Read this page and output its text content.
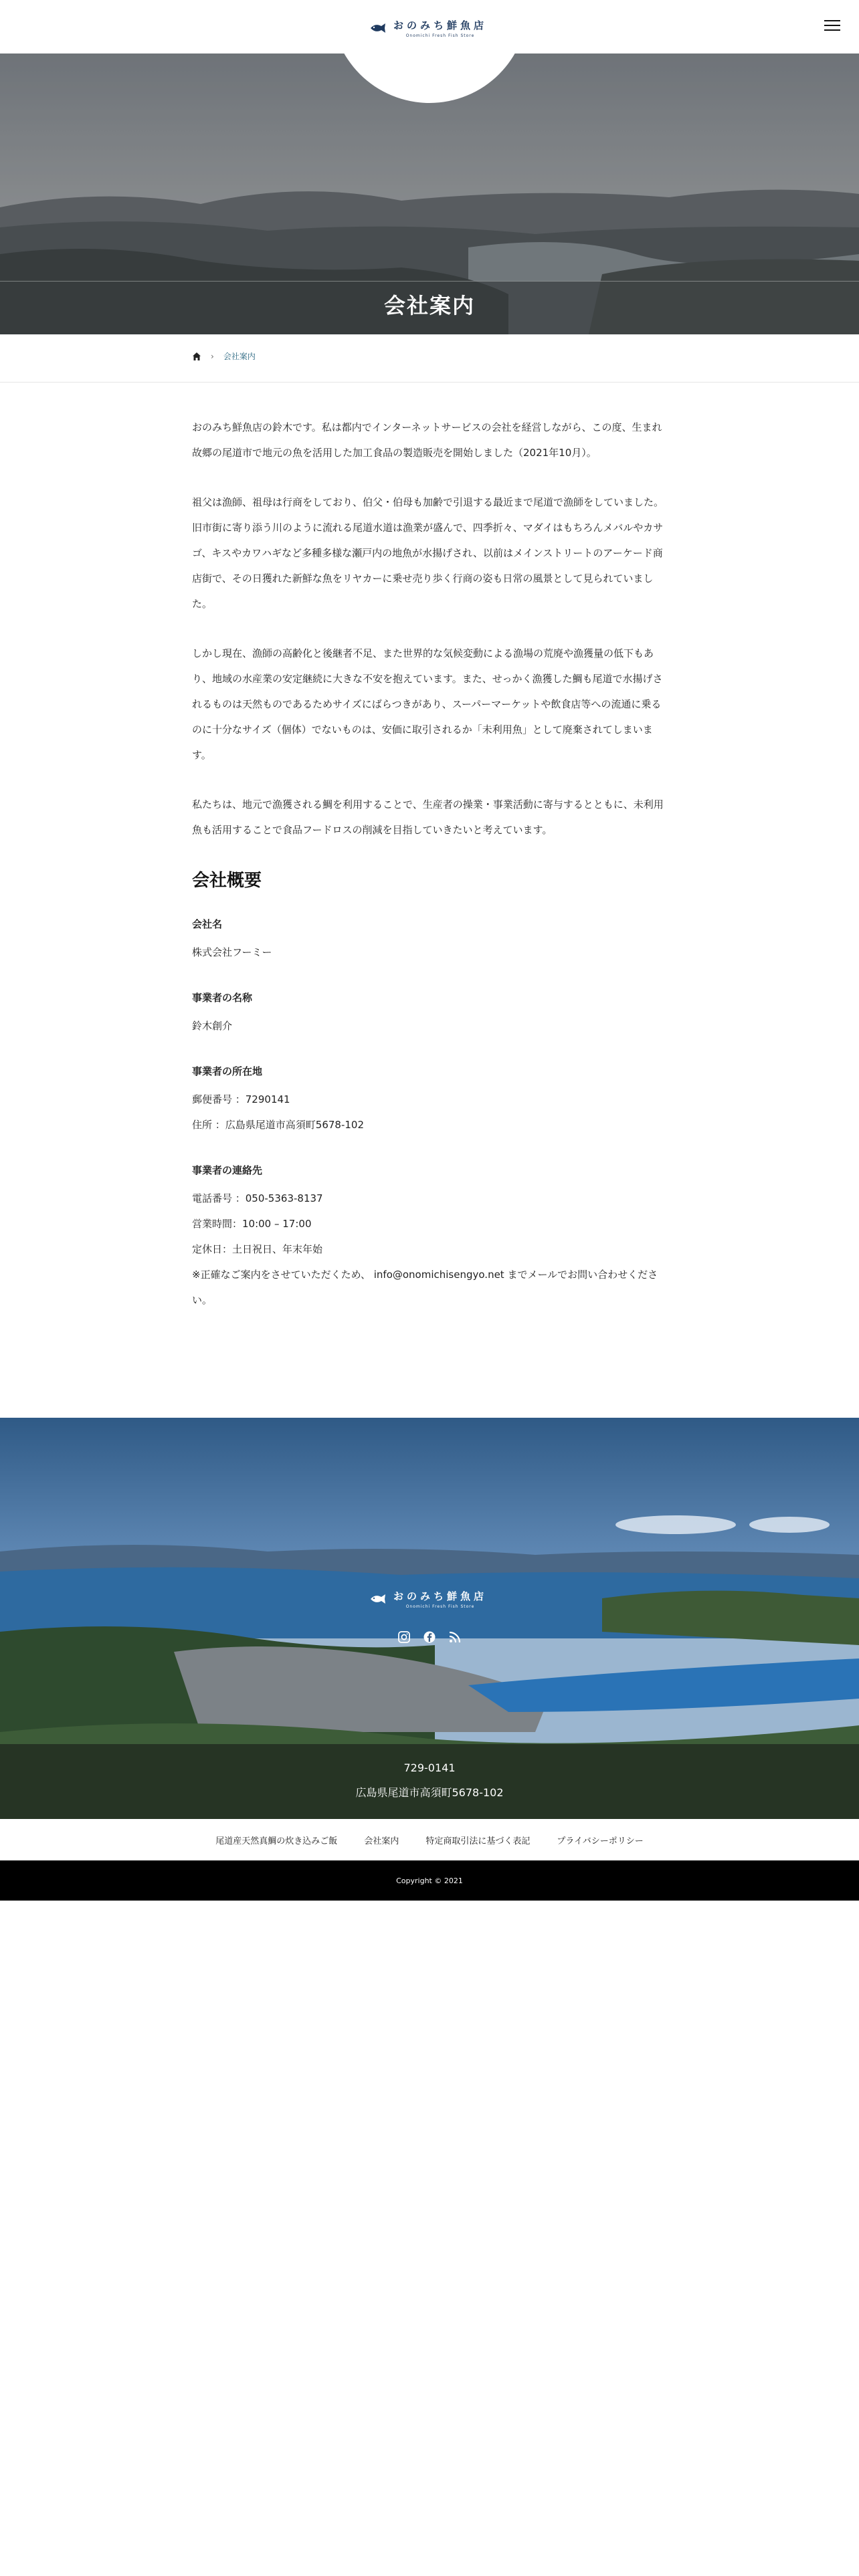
おのみち鮮魚店
Onomichi Fresh Fish Store
会社案内
› 会社案内

おのみち鮮魚店の鈴木です。私は都内でインターネットサービスの会社を経営しながら、この度、生まれ故郷の尾道市で地元の魚を活用した加工食品の製造販売を開始しました（2021年10月）。

祖父は漁師、祖母は行商をしており、伯父・伯母も加齢で引退する最近まで尾道で漁師をしていました。旧市街に寄り添う川のように流れる尾道水道は漁業が盛んで、四季折々、マダイはもちろんメバルやカサゴ、キスやカワハギなど多種多様な瀬戸内の地魚が水揚げされ、以前はメインストリートのアーケード商店街で、その日獲れた新鮮な魚をリヤカーに乗せ売り歩く行商の姿も日常の風景として見られていました。

しかし現在、漁師の高齢化と後継者不足、また世界的な気候変動による漁場の荒廃や漁獲量の低下もあり、地域の水産業の安定継続に大きな不安を抱えています。また、せっかく漁獲した鯛も尾道で水揚げされるものは天然ものであるためサイズにばらつきがあり、スーパーマーケットや飲食店等への流通に乗るのに十分なサイズ（個体）でないものは、安価に取引されるか「未利用魚」として廃棄されてしまいます。

私たちは、地元で漁獲される鯛を利用することで、生産者の操業・事業活動に寄与するとともに、未利用魚も活用することで食品フードロスの削減を目指していきたいと考えています。

会社概要
会社名
株式会社フーミー
事業者の名称
鈴木創介
事業者の所在地
郵便番号 ：7290141
住所 ：広島県尾道市高須町5678-102
事業者の連絡先
電話番号 ：050-5363-8137
営業時間：10:00 – 17:00
定休日：土日祝日、年末年始
※正確なご案内をさせていただくため、 info@onomichisengyo.net までメールでお問い合わせください。
おのみち鮮魚店
Onomichi Fresh Fish Store
729-0141
広島県尾道市高須町5678-102
尾道産天然真鯛の炊き込みご飯	会社案内	特定商取引法に基づく表記	プライバシーポリシー
Copyright © 2021
